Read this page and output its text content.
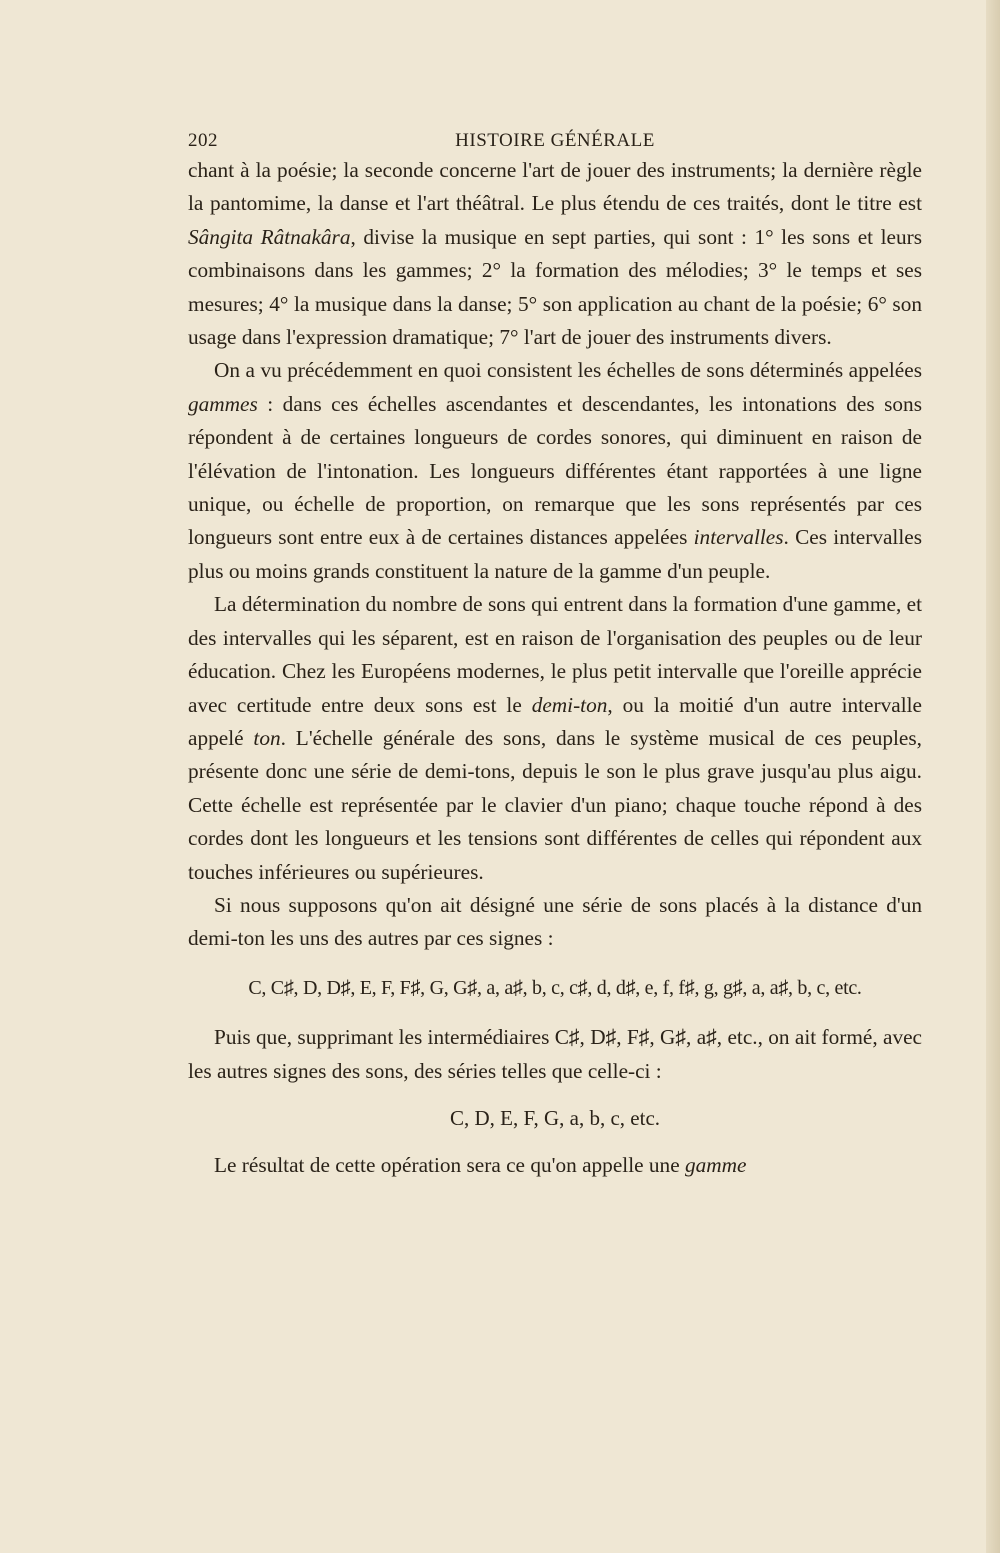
202	HISTOIRE GÉNÉRALE

chant à la poésie; la seconde concerne l'art de jouer des instruments; la dernière règle la pantomime, la danse et l'art théâtral. Le plus étendu de ces traités, dont le titre est Sângita Râtnakâra, divise la musique en sept parties, qui sont : 1° les sons et leurs combinaisons dans les gammes; 2° la formation des mélodies; 3° le temps et ses mesures; 4° la musique dans la danse; 5° son application au chant de la poésie; 6° son usage dans l'expression dramatique; 7° l'art de jouer des instruments divers.

On a vu précédemment en quoi consistent les échelles de sons déterminés appelées gammes : dans ces échelles ascendantes et descendantes, les intonations des sons répondent à de certaines longueurs de cordes sonores, qui diminuent en raison de l'élévation de l'intonation. Les longueurs différentes étant rapportées à une ligne unique, ou échelle de proportion, on remarque que les sons représentés par ces longueurs sont entre eux à de certaines distances appelées intervalles. Ces intervalles plus ou moins grands constituent la nature de la gamme d'un peuple.

La détermination du nombre de sons qui entrent dans la formation d'une gamme, et des intervalles qui les séparent, est en raison de l'organisation des peuples ou de leur éducation. Chez les Européens modernes, le plus petit intervalle que l'oreille apprécie avec certitude entre deux sons est le demi-ton, ou la moitié d'un autre intervalle appelé ton. L'échelle générale des sons, dans le système musical de ces peuples, présente donc une série de demi-tons, depuis le son le plus grave jusqu'au plus aigu. Cette échelle est représentée par le clavier d'un piano; chaque touche répond à des cordes dont les longueurs et les tensions sont différentes de celles qui répondent aux touches inférieures ou supérieures.

Si nous supposons qu'on ait désigné une série de sons placés à la distance d'un demi-ton les uns des autres par ces signes :

C, C♯, D, D♯, E, F, F♯, G, G♯, a, a♯, b, c, c♯, d, d♯, e, f, f♯, g, g♯, a, a♯, b, c, etc.

Puis que, supprimant les intermédiaires C♯, D♯, F♯, G♯, a♯, etc., on ait formé, avec les autres signes des sons, des séries telles que celle-ci :

C, D, E, F, G, a, b, c, etc.

Le résultat de cette opération sera ce qu'on appelle une gamme
